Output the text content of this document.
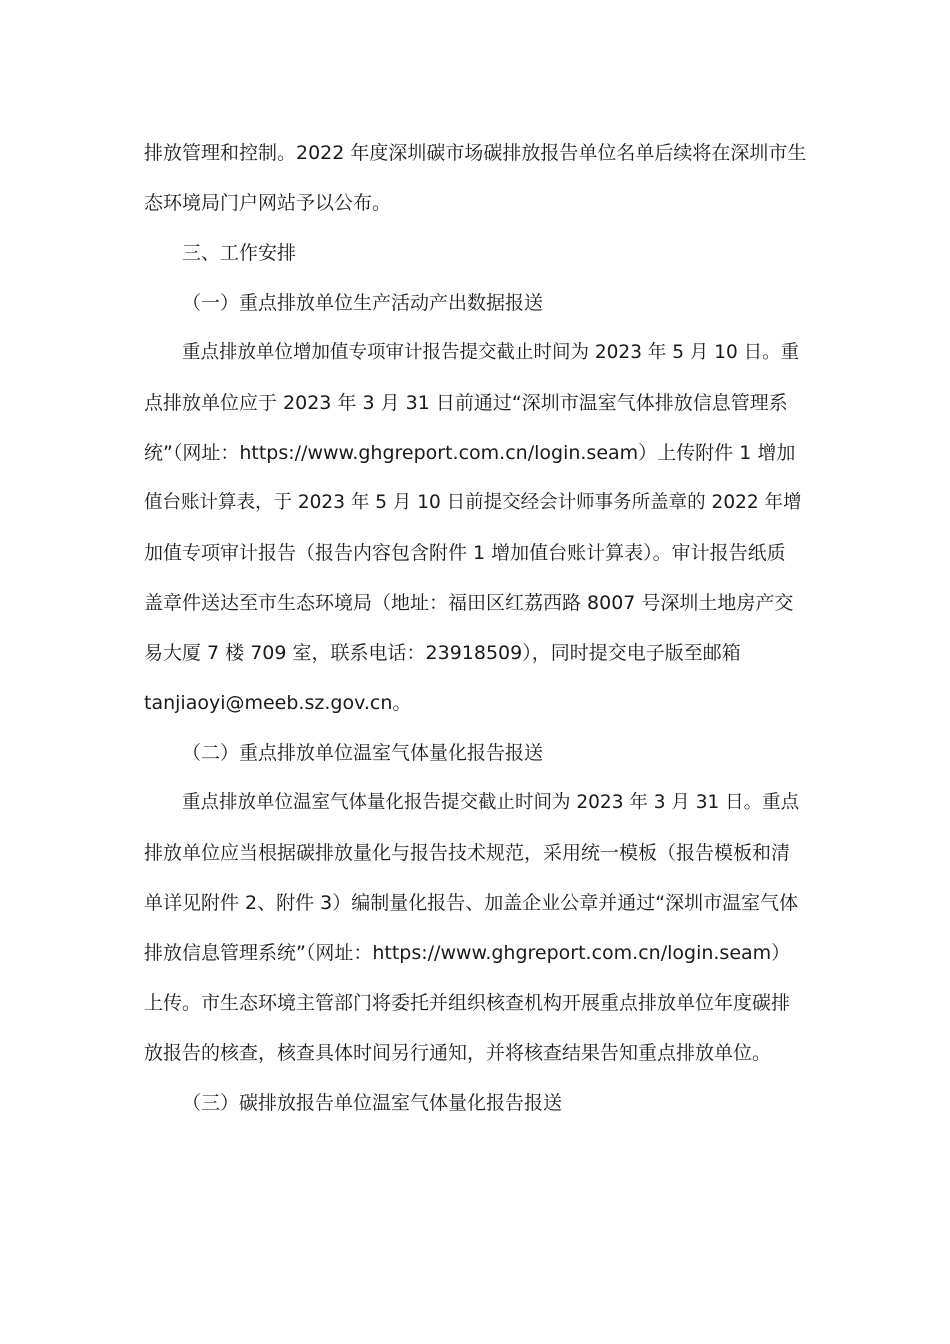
排放管理和控制。2022 年度深圳碳市场碳排放报告单位名单后续将在深圳市生
态环境局门户网站予以公布。
三、工作安排
（一）重点排放单位生产活动产出数据报送
重点排放单位增加值专项审计报告提交截止时间为 2023 年 5 月 10 日。重
点排放单位应于 2023 年 3 月 31 日前通过“深圳市温室气体排放信息管理系
统”（网址：https://www.ghgreport.com.cn/login.seam）上传附件 1 增加
值台账计算表，于 2023 年 5 月 10 日前提交经会计师事务所盖章的 2022 年增
加值专项审计报告（报告内容包含附件 1 增加值台账计算表）。审计报告纸质
盖章件送达至市生态环境局（地址：福田区红荔西路 8007 号深圳土地房产交
易大厦 7 楼 709 室，联系电话：23918509），同时提交电子版至邮箱
tanjiaoyi@meeb.sz.gov.cn。
（二）重点排放单位温室气体量化报告报送
重点排放单位温室气体量化报告提交截止时间为 2023 年 3 月 31 日。重点
排放单位应当根据碳排放量化与报告技术规范，采用统一模板（报告模板和清
单详见附件 2、附件 3）编制量化报告、加盖企业公章并通过“深圳市温室气体
排放信息管理系统”（网址：https://www.ghgreport.com.cn/login.seam）
上传。市生态环境主管部门将委托并组织核查机构开展重点排放单位年度碳排
放报告的核查，核查具体时间另行通知，并将核查结果告知重点排放单位。
（三）碳排放报告单位温室气体量化报告报送
